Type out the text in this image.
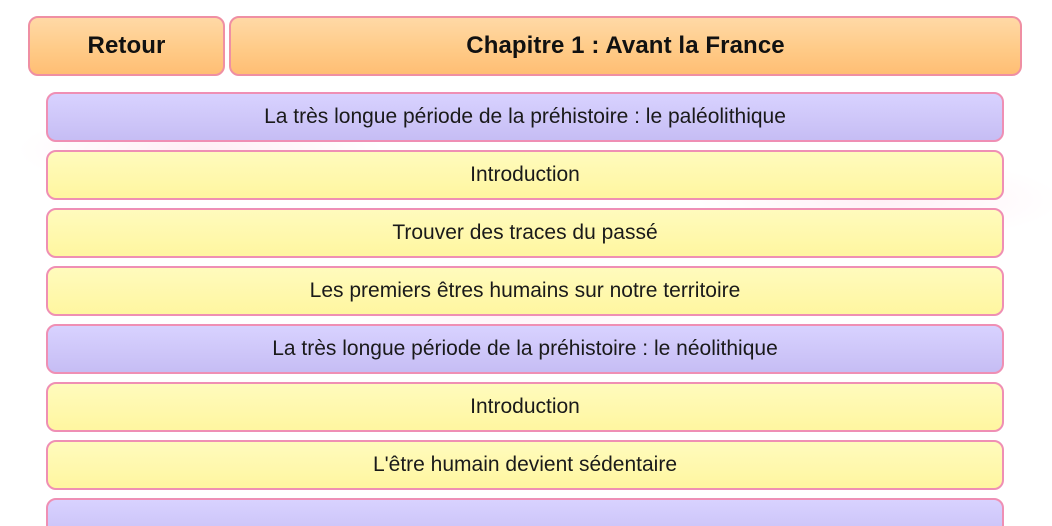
Retour	Chapitre 1 : Avant la France
La très longue période de la préhistoire : le paléolithique
Introduction
Trouver des traces du passé
Les premiers êtres humains sur notre territoire
La très longue période de la préhistoire : le néolithique
Introduction
L'être humain devient sédentaire
